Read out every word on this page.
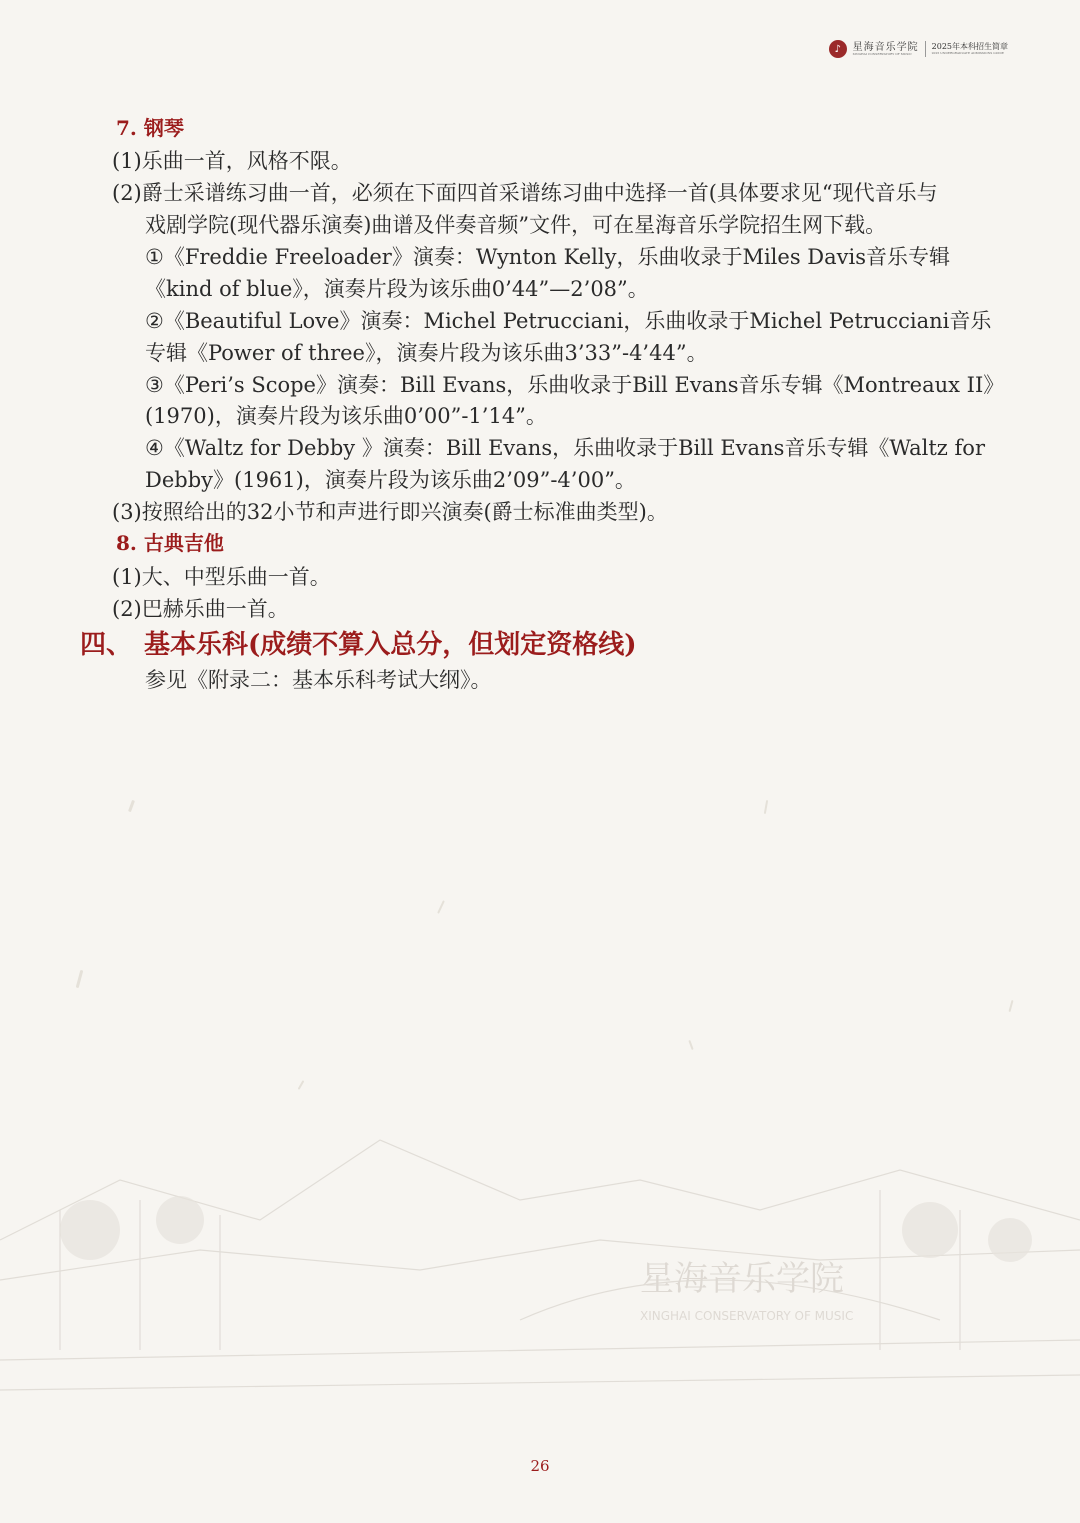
♪	星海音乐学院
XINGHAI CONSERVATORY OF MUSIC
2025年本科招生简章
2025 UNDERGRADUATE ADMISSIONS GUIDE
7. 钢琴
(1)乐曲一首，风格不限。
(2)爵士采谱练习曲一首，必须在下面四首采谱练习曲中选择一首(具体要求见“现代音乐与
戏剧学院(现代器乐演奏)曲谱及伴奏音频”文件，可在星海音乐学院招生网下载。
①《Freddie Freeloader》演奏：Wynton Kelly，乐曲收录于Miles Davis音乐专辑
《kind of blue》，演奏片段为该乐曲0’44”—2’08”。
②《Beautiful Love》演奏：Michel Petrucciani，乐曲收录于Michel Petrucciani音乐
专辑《Power of three》，演奏片段为该乐曲3’33”-4’44”。
③《Peri’s Scope》演奏：Bill Evans，乐曲收录于Bill Evans音乐专辑《Montreaux II》
(1970)，演奏片段为该乐曲0’00”-1’14”。
④《Waltz for Debby 》演奏：Bill Evans，乐曲收录于Bill Evans音乐专辑《Waltz for
Debby》(1961)，演奏片段为该乐曲2’09”-4’00”。
(3)按照给出的32小节和声进行即兴演奏(爵士标准曲类型)。
8. 古典吉他
(1)大、中型乐曲一首。
(2)巴赫乐曲一首。
四、 基本乐科(成绩不算入总分，但划定资格线)
参见《附录二：基本乐科考试大纲》。
星海音乐学院
XINGHAI CONSERVATORY OF MUSIC
26
